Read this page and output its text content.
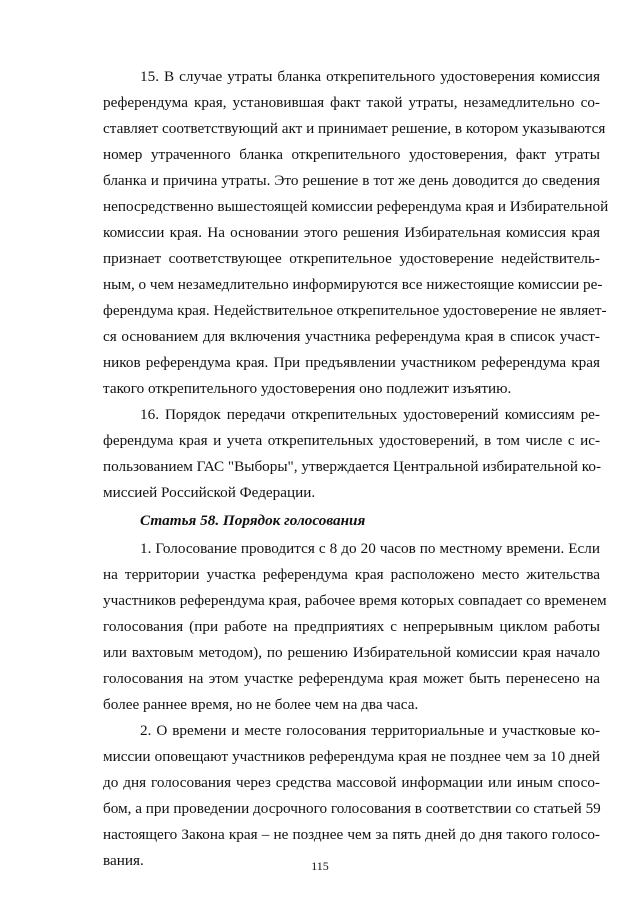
15. В случае утраты бланка открепительного удостоверения комиссия
референдума края, установившая факт такой утраты, незамедлительно со-
ставляет соответствующий акт и принимает решение, в котором указываются
номер утраченного бланка открепительного удостоверения, факт утраты
бланка и причина утраты. Это решение в тот же день доводится до сведения
непосредственно вышестоящей комиссии референдума края и Избирательной
комиссии края. На основании этого решения Избирательная комиссия края
признает соответствующее открепительное удостоверение недействитель-
ным, о чем незамедлительно информируются все нижестоящие комиссии ре-
ферендума края. Недействительное открепительное удостоверение не являет-
ся основанием для включения участника референдума края в список участ-
ников референдума края. При предъявлении участником референдума края
такого открепительного удостоверения оно подлежит изъятию.
16. Порядок передачи открепительных удостоверений комиссиям ре-
ферендума края и учета открепительных удостоверений, в том числе с ис-
пользованием ГАС "Выборы", утверждается Центральной избирательной ко-
миссией Российской Федерации.
Статья 58. Порядок голосования
1. Голосование проводится с 8 до 20 часов по местному времени. Если
на территории участка референдума края расположено место жительства
участников референдума края, рабочее время которых совпадает со временем
голосования (при работе на предприятиях с непрерывным циклом работы
или вахтовым методом), по решению Избирательной комиссии края начало
голосования на этом участке референдума края может быть перенесено на
более раннее время, но не более чем на два часа.
2. О времени и месте голосования территориальные и участковые ко-
миссии оповещают участников референдума края не позднее чем за 10 дней
до дня голосования через средства массовой информации или иным спосо-
бом, а при проведении досрочного голосования в соответствии со статьей 59
настоящего Закона края – не позднее чем за пять дней до дня такого голосо-
вания.	115
